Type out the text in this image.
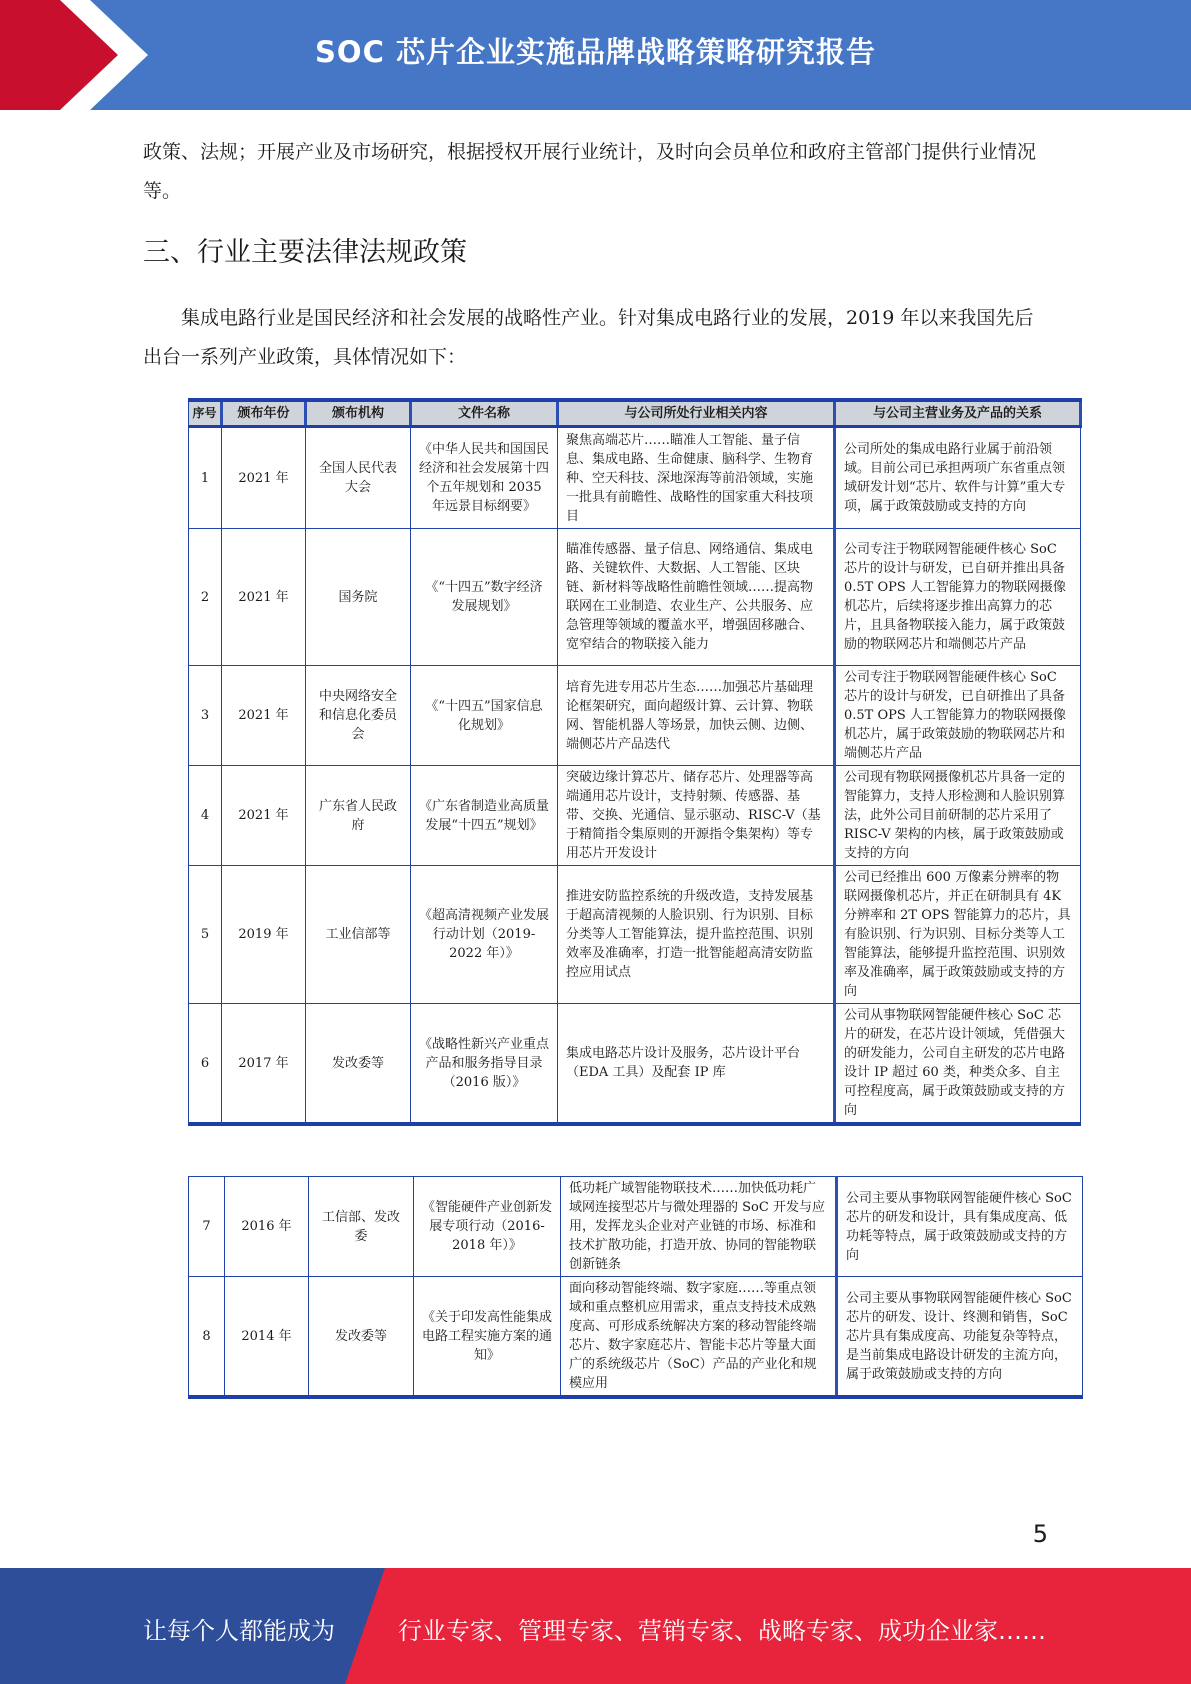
SOC 芯片企业实施品牌战略策略研究报告
政策、法规；开展产业及市场研究，根据授权开展行业统计，及时向会员单位和政府主管部门提供行业情况等。
三、行业主要法律法规政策
集成电路行业是国民经济和社会发展的战略性产业。针对集成电路行业的发展，2019 年以来我国先后出台一系列产业政策，具体情况如下：
序号	颁布年份	颁布机构	文件名称	与公司所处行业相关内容	与公司主营业务及产品的关系
1	2021 年	全国人民代表大会	《中华人民共和国国民经济和社会发展第十四个五年规划和 2035 年远景目标纲要》	聚焦高端芯片……瞄准人工智能、量子信息、集成电路、生命健康、脑科学、生物育种、空天科技、深地深海等前沿领域，实施一批具有前瞻性、战略性的国家重大科技项目	公司所处的集成电路行业属于前沿领域。目前公司已承担两项广东省重点领域研发计划“芯片、软件与计算”重大专项，属于政策鼓励或支持的方向
2	2021 年	国务院	《“十四五”数字经济发展规划》	瞄准传感器、量子信息、网络通信、集成电路、关键软件、大数据、人工智能、区块链、新材料等战略性前瞻性领域……提高物联网在工业制造、农业生产、公共服务、应急管理等领域的覆盖水平，增强固移融合、宽窄结合的物联接入能力	公司专注于物联网智能硬件核心 SoC 芯片的设计与研发，已自研并推出具备 0.5T OPS 人工智能算力的物联网摄像机芯片，后续将逐步推出高算力的芯片，且具备物联接入能力，属于政策鼓励的物联网芯片和端侧芯片产品
3	2021 年	中央网络安全和信息化委员会	《“十四五”国家信息化规划》	培育先进专用芯片生态……加强芯片基础理论框架研究，面向超级计算、云计算、物联网、智能机器人等场景，加快云侧、边侧、端侧芯片产品迭代	公司专注于物联网智能硬件核心 SoC 芯片的设计与研发，已自研推出了具备 0.5T OPS 人工智能算力的物联网摄像机芯片，属于政策鼓励的物联网芯片和端侧芯片产品
4	2021 年	广东省人民政府	《广东省制造业高质量发展“十四五”规划》	突破边缘计算芯片、储存芯片、处理器等高端通用芯片设计，支持射频、传感器、基带、交换、光通信、显示驱动、RISC-V（基于精简指令集原则的开源指令集架构）等专用芯片开发设计	公司现有物联网摄像机芯片具备一定的智能算力，支持人形检测和人脸识别算法，此外公司目前研制的芯片采用了 RISC-V 架构的内核，属于政策鼓励或支持的方向
5	2019 年	工业信部等	《超高清视频产业发展行动计划（2019-2022 年）》	推进安防监控系统的升级改造，支持发展基于超高清视频的人脸识别、行为识别、目标分类等人工智能算法，提升监控范围、识别效率及准确率，打造一批智能超高清安防监控应用试点	公司已经推出 600 万像素分辨率的物联网摄像机芯片，并正在研制具有 4K 分辨率和 2T OPS 智能算力的芯片，具有脸识别、行为识别、目标分类等人工智能算法，能够提升监控范围、识别效率及准确率，属于政策鼓励或支持的方向
6	2017 年	发改委等	《战略性新兴产业重点产品和服务指导目录（2016 版）》	集成电路芯片设计及服务，芯片设计平台（EDA 工具）及配套 IP 库	公司从事物联网智能硬件核心 SoC 芯片的研发，在芯片设计领域，凭借强大的研发能力，公司自主研发的芯片电路设计 IP 超过 60 类，种类众多、自主可控程度高，属于政策鼓励或支持的方向
7	2016 年	工信部、发改委	《智能硬件产业创新发展专项行动（2016-2018 年）》	低功耗广域智能物联技术……加快低功耗广域网连接型芯片与微处理器的 SoC 开发与应用，发挥龙头企业对产业链的市场、标准和技术扩散功能，打造开放、协同的智能物联创新链条	公司主要从事物联网智能硬件核心 SoC 芯片的研发和设计，具有集成度高、低功耗等特点，属于政策鼓励或支持的方向
8	2014 年	发改委等	《关于印发高性能集成电路工程实施方案的通知》	面向移动智能终端、数字家庭……等重点领域和重点整机应用需求，重点支持技术成熟度高、可形成系统解决方案的移动智能终端芯片、数字家庭芯片、智能卡芯片等量大面广的系统级芯片（SoC）产品的产业化和规模应用	公司主要从事物联网智能硬件核心 SoC 芯片的研发、设计、终测和销售，SoC 芯片具有集成度高、功能复杂等特点，是当前集成电路设计研发的主流方向，属于政策鼓励或支持的方向
5
让每个人都能成为	行业专家、管理专家、营销专家、战略专家、成功企业家……
